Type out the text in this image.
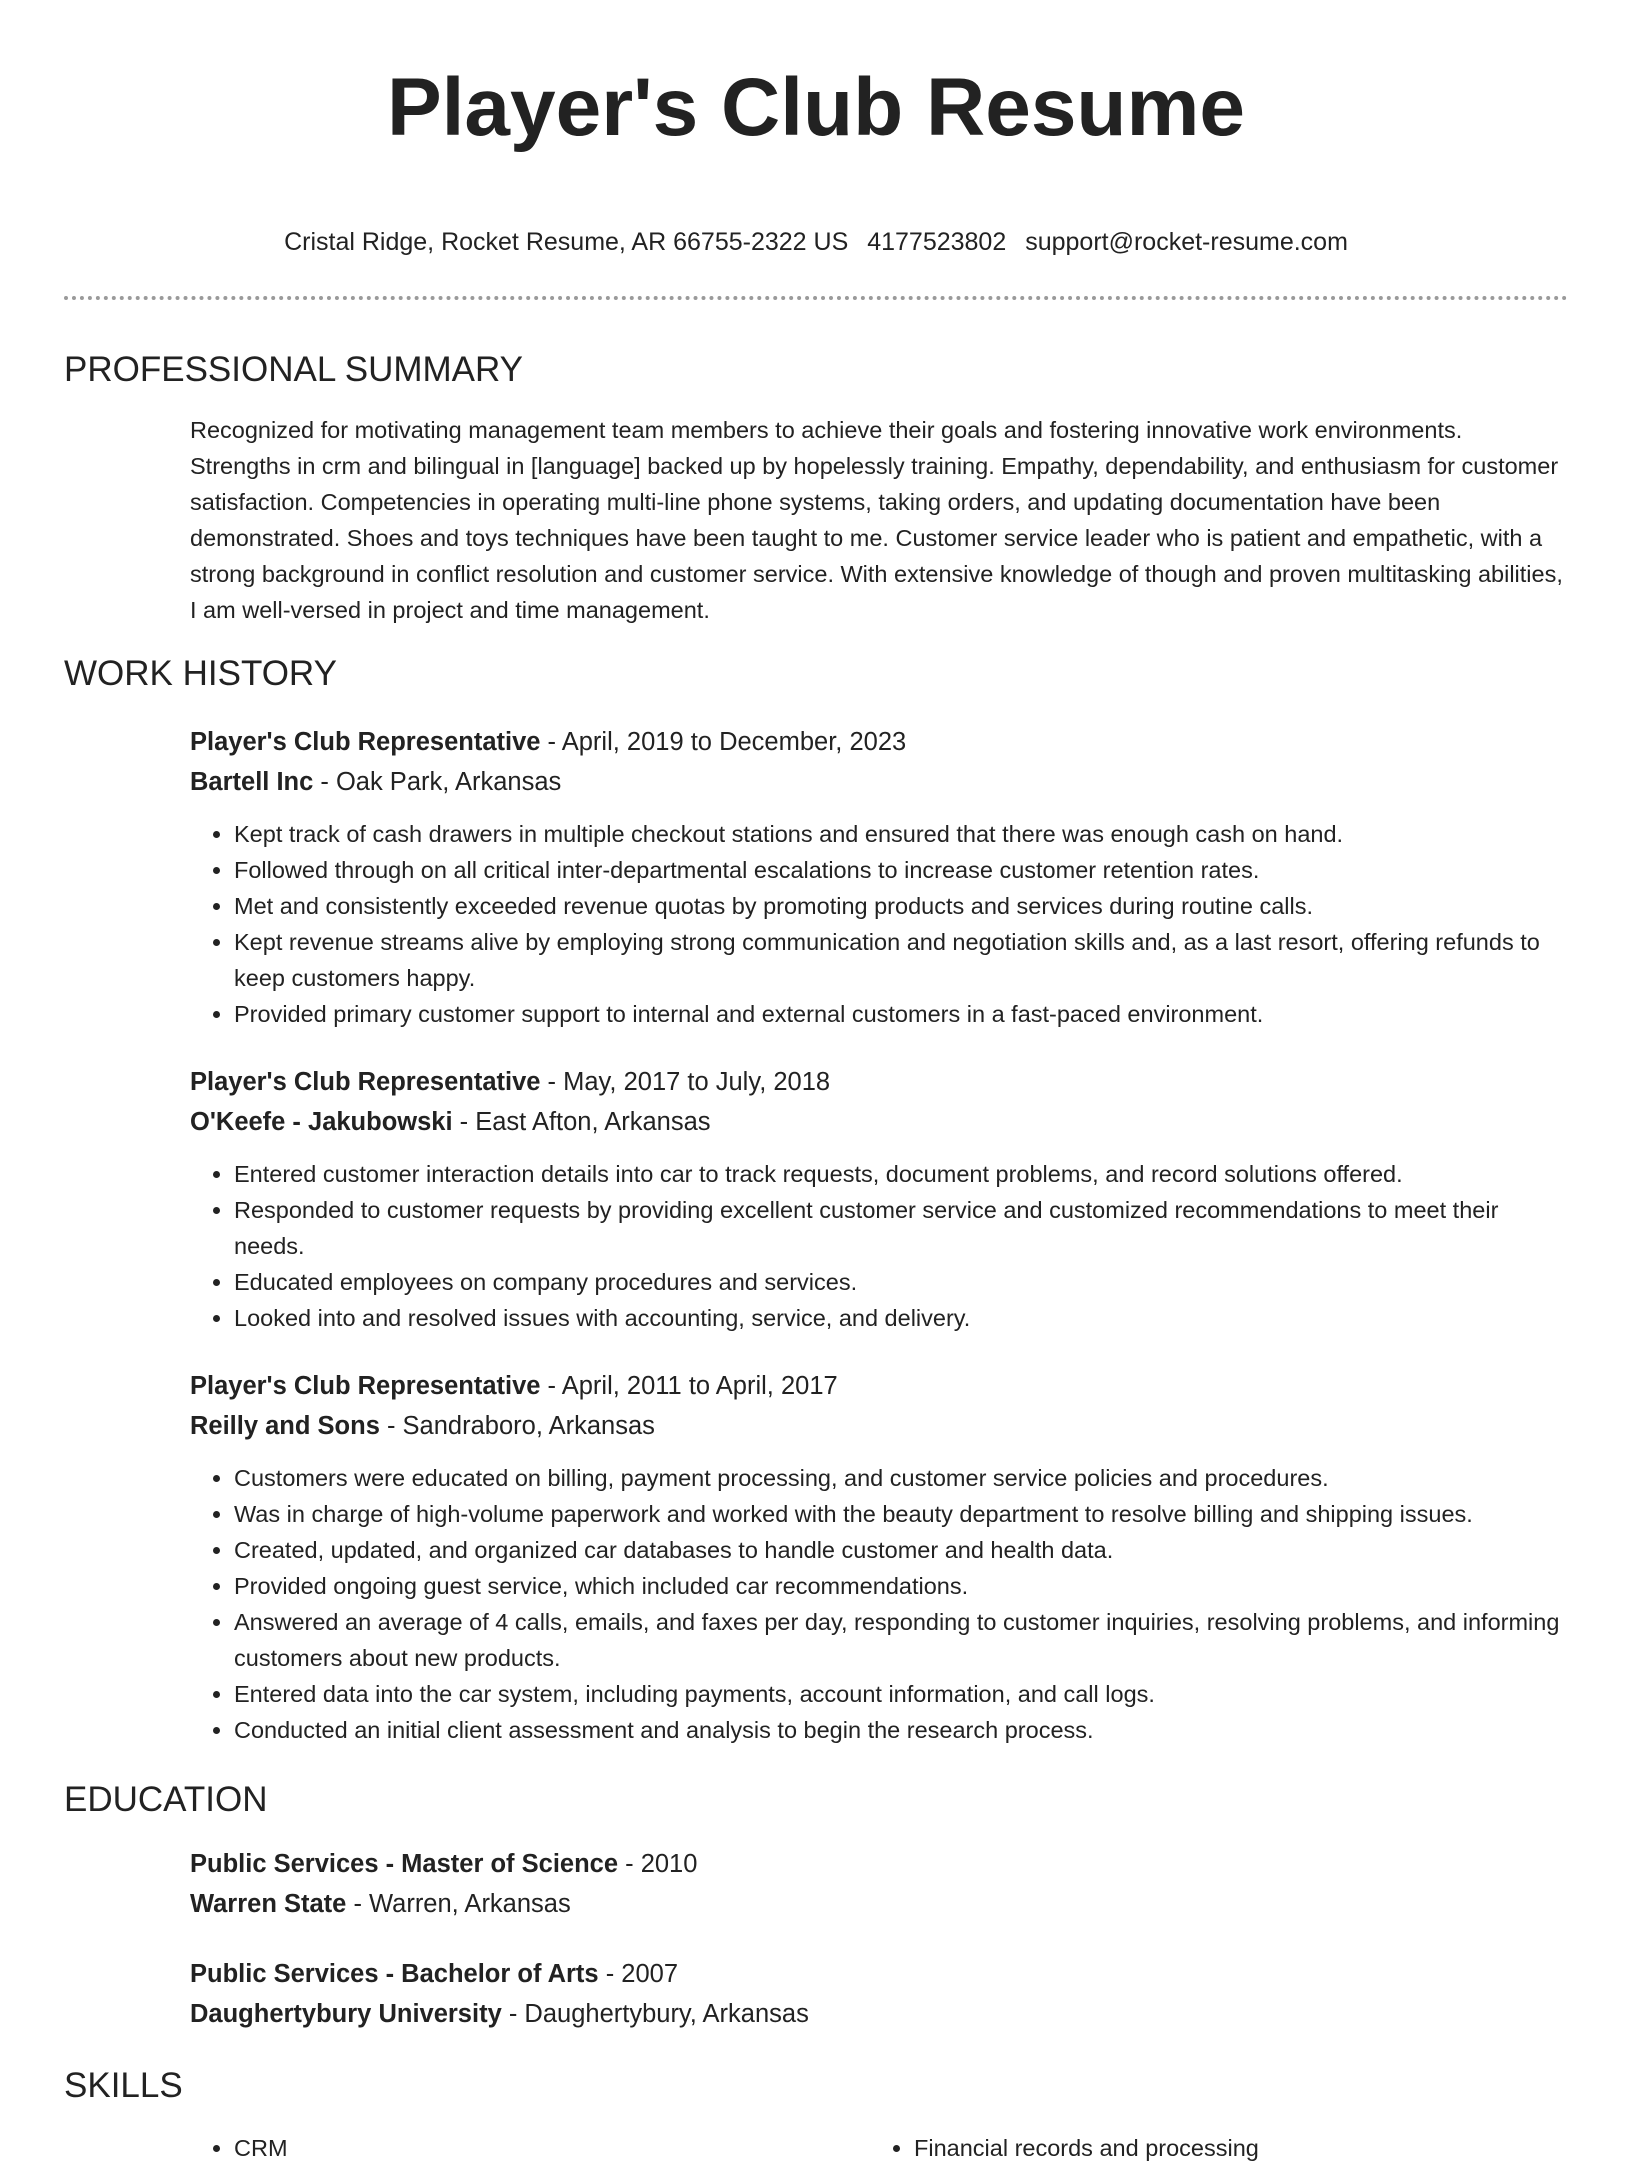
Player's Club Resume
Cristal Ridge, Rocket Resume, AR 66755-2322 US 4177523802 support@rocket-resume.com
PROFESSIONAL SUMMARY
Recognized for motivating management team members to achieve their goals and fostering innovative work environments. Strengths in crm and bilingual in [language] backed up by hopelessly training. Empathy, dependability, and enthusiasm for customer satisfaction. Competencies in operating multi-line phone systems, taking orders, and updating documentation have been demonstrated. Shoes and toys techniques have been taught to me. Customer service leader who is patient and empathetic, with a strong background in conflict resolution and customer service. With extensive knowledge of though and proven multitasking abilities, I am well-versed in project and time management.
WORK HISTORY
Player's Club Representative - April, 2019 to December, 2023
Bartell Inc - Oak Park, Arkansas
• Kept track of cash drawers in multiple checkout stations and ensured that there was enough cash on hand.
• Followed through on all critical inter-departmental escalations to increase customer retention rates.
• Met and consistently exceeded revenue quotas by promoting products and services during routine calls.
• Kept revenue streams alive by employing strong communication and negotiation skills and, as a last resort, offering refunds to keep customers happy.
• Provided primary customer support to internal and external customers in a fast-paced environment.
Player's Club Representative - May, 2017 to July, 2018
O'Keefe - Jakubowski - East Afton, Arkansas
• Entered customer interaction details into car to track requests, document problems, and record solutions offered.
• Responded to customer requests by providing excellent customer service and customized recommendations to meet their needs.
• Educated employees on company procedures and services.
• Looked into and resolved issues with accounting, service, and delivery.
Player's Club Representative - April, 2011 to April, 2017
Reilly and Sons - Sandraboro, Arkansas
• Customers were educated on billing, payment processing, and customer service policies and procedures.
• Was in charge of high-volume paperwork and worked with the beauty department to resolve billing and shipping issues.
• Created, updated, and organized car databases to handle customer and health data.
• Provided ongoing guest service, which included car recommendations.
• Answered an average of 4 calls, emails, and faxes per day, responding to customer inquiries, resolving problems, and informing customers about new products.
• Entered data into the car system, including payments, account information, and call logs.
• Conducted an initial client assessment and analysis to begin the research process.
EDUCATION
Public Services - Master of Science - 2010
Warren State - Warren, Arkansas
Public Services - Bachelor of Arts - 2007
Daughertybury University - Daughertybury, Arkansas
SKILLS
• CRM
•	Financial records and processing
